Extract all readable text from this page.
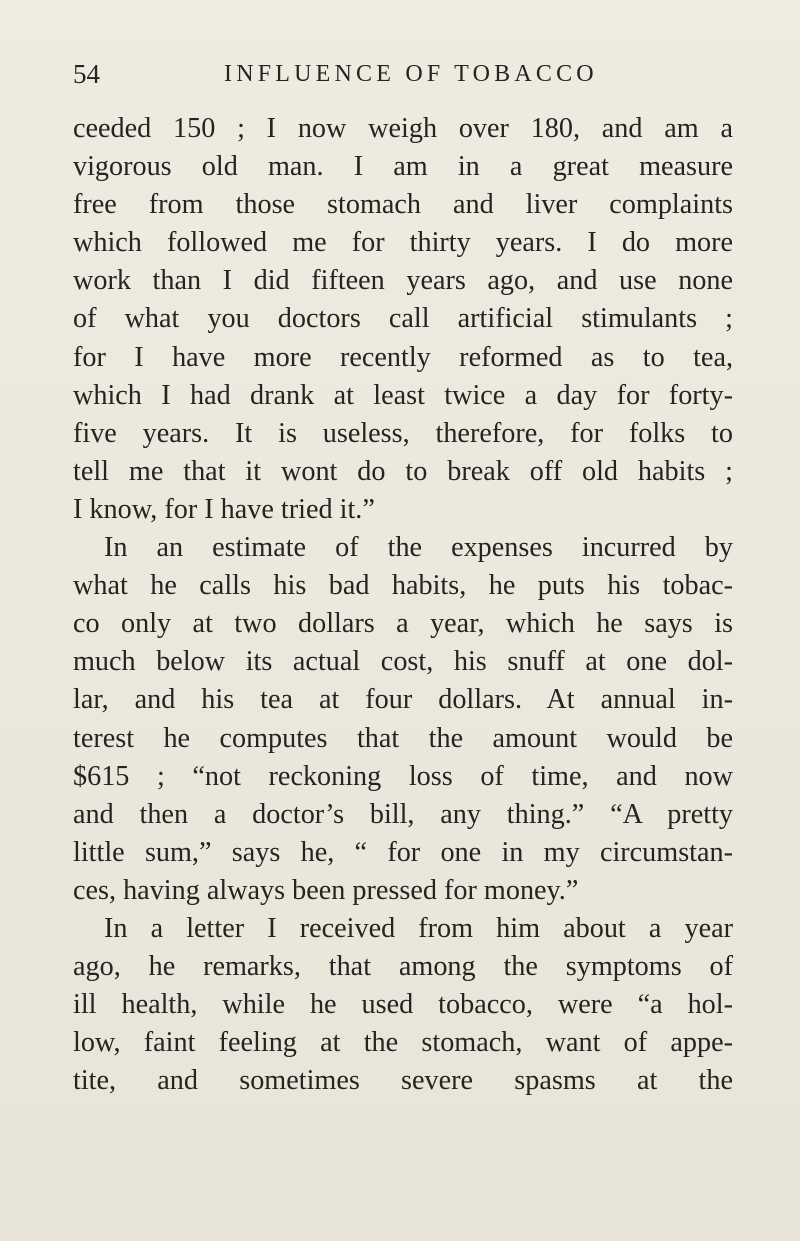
54	INFLUENCE OF TOBACCO
ceeded 150 ; I now weigh over 180, and am a
vigorous old man. I am in a great measure
free from those stomach and liver complaints
which followed me for thirty years. I do more
work than I did fifteen years ago, and use none
of what you doctors call artificial stimulants ;
for I have more recently reformed as to tea,
which I had drank at least twice a day for forty-
five years. It is useless, therefore, for folks to
tell me that it wont do to break off old habits ;
I know, for I have tried it.”
In an estimate of the expenses incurred by
what he calls his bad habits, he puts his tobac-
co only at two dollars a year, which he says is
much below its actual cost, his snuff at one dol-
lar, and his tea at four dollars. At annual in-
terest he computes that the amount would be
$615 ; “not reckoning loss of time, and now
and then a doctor’s bill, any thing.” “A pretty
little sum,” says he, “ for one in my circumstan-
ces, having always been pressed for money.”
In a letter I received from him about a year
ago, he remarks, that among the symptoms of
ill health, while he used tobacco, were “a hol-
low, faint feeling at the stomach, want of appe-
tite, and sometimes severe spasms at the
